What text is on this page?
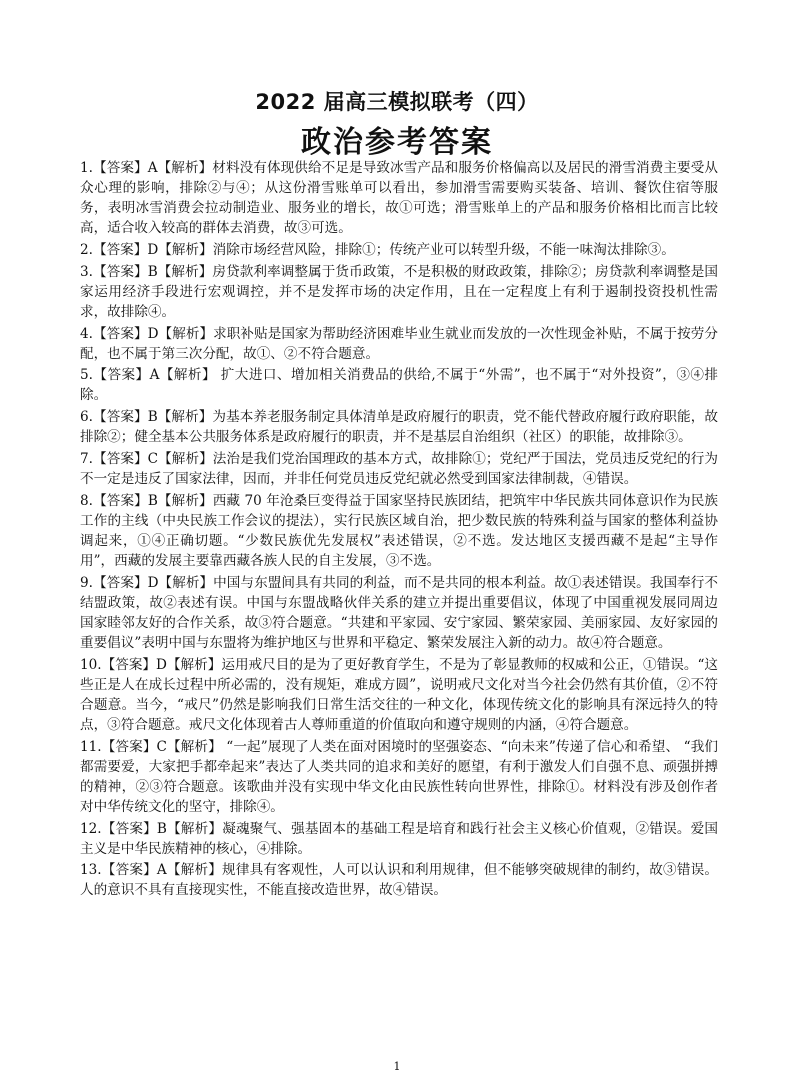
2022 届高三模拟联考（四）
政治参考答案

1.【答案】A【解析】材料没有体现供给不足是导致冰雪产品和服务价格偏高以及居民的滑雪消费主要受从众心理的影响，排除②与④；从这份滑雪账单可以看出，参加滑雪需要购买装备、培训、餐饮住宿等服务，表明冰雪消费会拉动制造业、服务业的增长，故①可选；滑雪账单上的产品和服务价格相比而言比较高，适合收入较高的群体去消费，故③可选。

2.【答案】D【解析】消除市场经营风险，排除①；传统产业可以转型升级，不能一味淘汰排除③。

3.【答案】B【解析】房贷款利率调整属于货币政策，不是积极的财政政策，排除②；房贷款利率调整是国家运用经济手段进行宏观调控，并不是发挥市场的决定作用，且在一定程度上有利于遏制投资投机性需求，故排除④。

4.【答案】D【解析】求职补贴是国家为帮助经济困难毕业生就业而发放的一次性现金补贴，不属于按劳分配，也不属于第三次分配，故①、②不符合题意。

5.【答案】A【解析】 扩大进口、增加相关消费品的供给,不属于“外需”，也不属于“对外投资”，③④排除。

6.【答案】B【解析】为基本养老服务制定具体清单是政府履行的职责，党不能代替政府履行政府职能，故排除②；健全基本公共服务体系是政府履行的职责，并不是基层自治组织（社区）的职能，故排除③。

7.【答案】C【解析】法治是我们党治国理政的基本方式，故排除①；党纪严于国法，党员违反党纪的行为不一定是违反了国家法律，因而，并非任何党员违反党纪就必然受到国家法律制裁，④错误。

8.【答案】B【解析】西藏 70 年沧桑巨变得益于国家坚持民族团结，把筑牢中华民族共同体意识作为民族工作的主线（中央民族工作会议的提法），实行民族区域自治，把少数民族的特殊利益与国家的整体利益协调起来，①④正确切题。“少数民族优先发展权”表述错误，②不选。发达地区支援西藏不是起“主导作用”，西藏的发展主要靠西藏各族人民的自主发展，③不选。

9.【答案】D【解析】中国与东盟间具有共同的利益，而不是共同的根本利益。故①表述错误。我国奉行不结盟政策，故②表述有误。中国与东盟战略伙伴关系的建立并提出重要倡议，体现了中国重视发展同周边国家睦邻友好的合作关系，故③符合题意。“共建和平家园、安宁家园、繁荣家园、美丽家园、友好家园的重要倡议”表明中国与东盟将为维护地区与世界和平稳定、繁荣发展注入新的动力。故④符合题意。

10.【答案】D【解析】运用戒尺目的是为了更好教育学生，不是为了彰显教师的权威和公正，①错误。“这些正是人在成长过程中所必需的，没有规矩，难成方圆”，说明戒尺文化对当今社会仍然有其价值，②不符合题意。当今，“戒尺”仍然是影响我们日常生活交往的一种文化，体现传统文化的影响具有深远持久的特点，③符合题意。戒尺文化体现着古人尊师重道的价值取向和遵守规则的内涵，④符合题意。

11.【答案】C【解析】 “一起”展现了人类在面对困境时的坚强姿态、“向未来”传递了信心和希望、 “我们都需要爱，大家把手都牵起来”表达了人类共同的追求和美好的愿望，有利于激发人们自强不息、顽强拼搏的精神，②③符合题意。该歌曲并没有实现中华文化由民族性转向世界性，排除①。材料没有涉及创作者对中华传统文化的坚守，排除④。

12.【答案】B【解析】凝魂聚气、强基固本的基础工程是培育和践行社会主义核心价值观，②错误。爱国主义是中华民族精神的核心，④排除。

13.【答案】A【解析】规律具有客观性，人可以认识和利用规律，但不能够突破规律的制约，故③错误。人的意识不具有直接现实性，不能直接改造世界，故④错误。

1
